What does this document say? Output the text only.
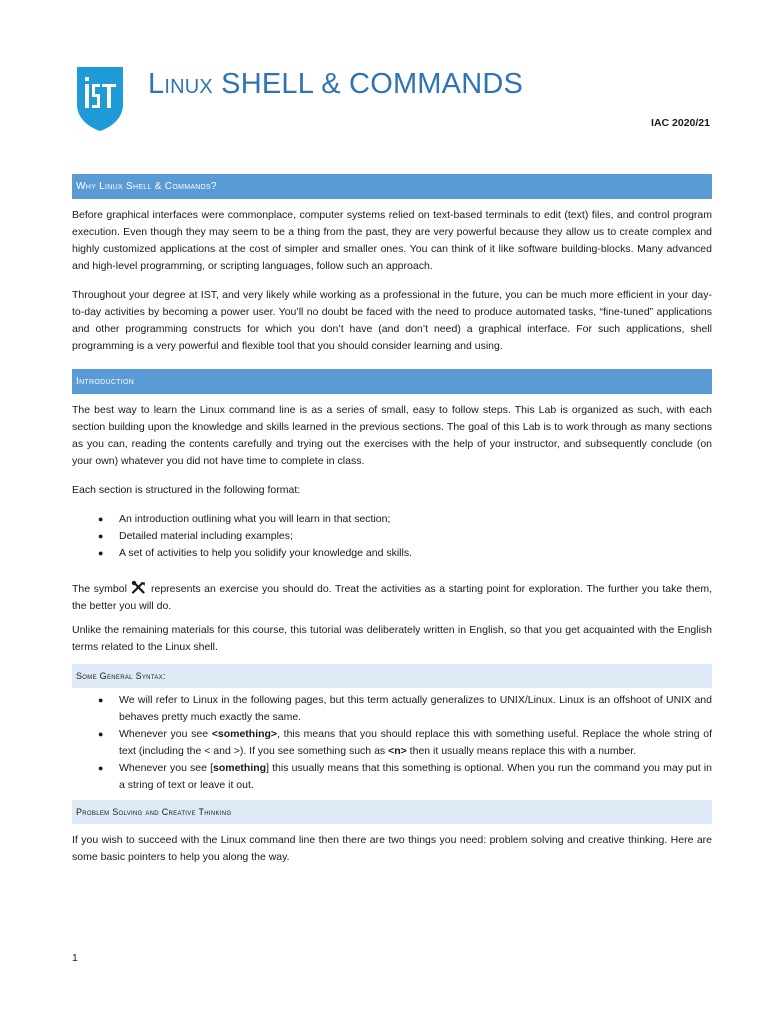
IST
Linux SHELL & COMMANDS
IAC 2020/21
Why Linux Shell & Commands?

Before graphical interfaces were commonplace, computer systems relied on text-based terminals to edit (text) files, and control program execution. Even though they may seem to be a thing from the past, they are very powerful because they allow us to create complex and highly customized applications at the cost of simpler and smaller ones. You can think of it like software building-blocks. Many advanced and high-level programming, or scripting languages, follow such an approach.

Throughout your degree at IST, and very likely while working as a professional in the future, you can be much more efficient in your day-to-day activities by becoming a power user. You’ll no doubt be faced with the need to produce automated tasks, “fine-tuned” applications and other programming constructs for which you don’t have (and don’t need) a graphical interface. For such applications, shell programming is a very powerful and flexible tool that you should consider learning and using.

Introduction

The best way to learn the Linux command line is as a series of small, easy to follow steps. This Lab is organized as such, with each section building upon the knowledge and skills learned in the previous sections. The goal of this Lab is to work through as many sections as you can, reading the contents carefully and trying out the exercises with the help of your instructor, and subsequently conclude (on your own) whatever you did not have time to complete in class.

Each section is structured in the following format:

● An introduction outlining what you will learn in that section;
● Detailed material including examples;
● A set of activities to help you solidify your knowledge and skills.

The symbol  represents an exercise you should do. Treat the activities as a starting point for exploration. The further you take them, the better you will do.

Unlike the remaining materials for this course, this tutorial was deliberately written in English, so that you get acquainted with the English terms related to the Linux shell.

Some General Syntax:
● We will refer to Linux in the following pages, but this term actually generalizes to UNIX/Linux. Linux is an offshoot of UNIX and behaves pretty much exactly the same.
● Whenever you see <something>, this means that you should replace this with something useful. Replace the whole string of text (including the < and >). If you see something such as <n> then it usually means replace this with a number.
● Whenever you see [something] this usually means that this something is optional. When you run the command you may put in a string of text or leave it out.
Problem Solving and Creative Thinking

If you wish to succeed with the Linux command line then there are two things you need: problem solving and creative thinking. Here are some basic pointers to help you along the way.

1
